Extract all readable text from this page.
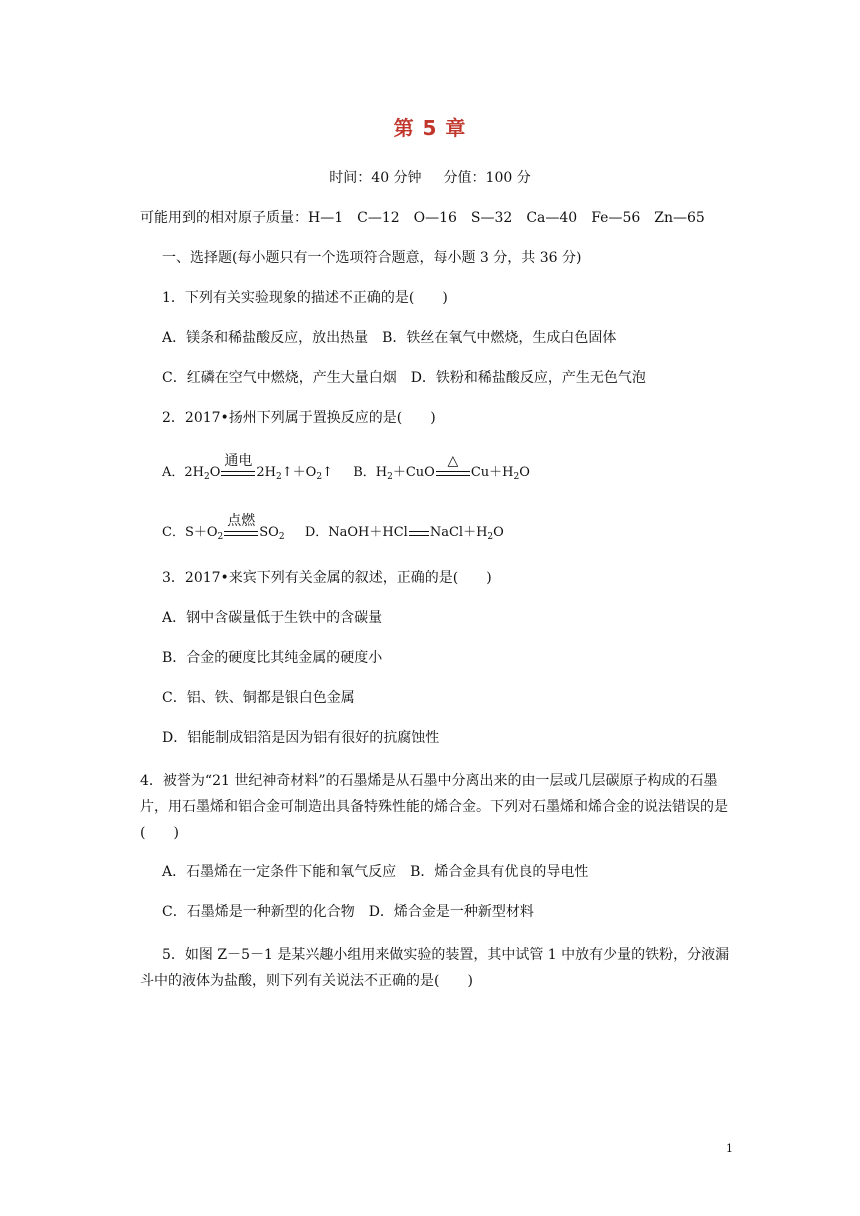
第 5 章
时间：40 分钟 分值：100 分
可能用到的相对原子质量：H—1　C—12　O—16　S—32　Ca—40　Fe—56　Zn—65
一、选择题(每小题只有一个选项符合题意，每小题 3 分，共 36 分)
1．下列有关实验现象的描述不正确的是(　　)
A．镁条和稀盐酸反应，放出热量　B．铁丝在氧气中燃烧，生成白色固体
C．红磷在空气中燃烧，产生大量白烟　D．铁粉和稀盐酸反应，产生无色气泡
2．2017•扬州下列属于置换反应的是(　　)
A．$2H_2O$
通电
$2H_2↑+O_2↑$ B．$H_2+CuO$
△
$Cu+H_2O$
C．$S+O_2$
点燃
$SO_2$ D．NaOH＋HCl $NaCl+H_2O$
3．2017•来宾下列有关金属的叙述，正确的是(　　)
A．钢中含碳量低于生铁中的含碳量
B．合金的硬度比其纯金属的硬度小
C．铝、铁、铜都是银白色金属
D．铝能制成铝箔是因为铝有很好的抗腐蚀性
4．被誉为“21 世纪神奇材料”的石墨烯是从石墨中分离出来的由一层或几层碳原子构成的石墨片，用石墨烯和铝合金可制造出具备特殊性能的烯合金。下列对石墨烯和烯合金的说法错误的是(　　)
A．石墨烯在一定条件下能和氧气反应　B．烯合金具有优良的导电性
C．石墨烯是一种新型的化合物　D．烯合金是一种新型材料
5．如图 Z－5－1 是某兴趣小组用来做实验的装置，其中试管 1 中放有少量的铁粉，分液漏斗中的液体为盐酸，则下列有关说法不正确的是(　　)
1
